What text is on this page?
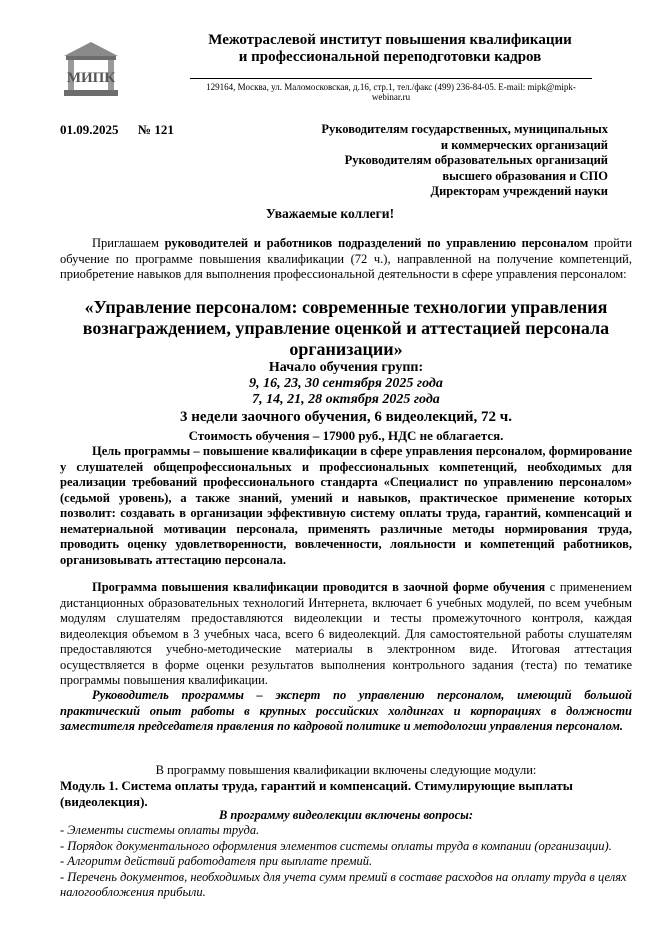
МИПК
Межотраслевой институт повышения квалификации
и профессиональной переподготовки кадров
129164, Москва, ул. Маломосковская, д.16, стр.1, тел./факс (499) 236-84-05. E-mail: mipk@mipk-webinar.ru
01.09.2025 № 121	Руководителям государственных, муниципальных
и коммерческих организаций
Руководителям образовательных организаций
высшего образования и СПО
Директорам учреждений науки
Уважаемые коллеги!
Приглашаем руководителей и работников подразделений по управлению персоналом пройти обучение по программе повышения квалификации (72 ч.), направленной на получение компетенций, приобретение навыков для выполнения профессиональной деятельности в сфере управления персоналом:
«Управление персоналом: современные технологии управления вознаграждением, управление оценкой и аттестацией персонала организации»
Начало обучения групп:
9, 16, 23, 30 сентября 2025 года
7, 14, 21, 28 октября 2025 года
3 недели заочного обучения, 6 видеолекций, 72 ч.
Стоимость обучения – 17900 руб., НДС не облагается.
Цель программы – повышение квалификации в сфере управления персоналом, формирование у слушателей общепрофессиональных и профессиональных компетенций, необходимых для реализации требований профессионального стандарта «Специалист по управлению персоналом» (седьмой уровень), а также знаний, умений и навыков, практическое применение которых позволит: создавать в организации эффективную систему оплаты труда, гарантий, компенсаций и нематериальной мотивации персонала, применять различные методы нормирования труда, проводить оценку удовлетворенности, вовлеченности, лояльности и компетенций работников, организовывать аттестацию персонала.
Программа повышения квалификации проводится в заочной форме обучения с применением дистанционных образовательных технологий Интернета, включает 6 учебных модулей, по всем учебным модулям слушателям предоставляются видеолекции и тесты промежуточного контроля, каждая видеолекция объемом в 3 учебных часа, всего 6 видеолекций. Для самостоятельной работы слушателям предоставляются учебно-методические материалы в электронном виде. Итоговая аттестация осуществляется в форме оценки результатов выполнения контрольного задания (теста) по тематике программы повышения квалификации.
Руководитель программы – эксперт по управлению персоналом, имеющий большой практический опыт работы в крупных российских холдингах и корпорациях в должности заместителя председателя правления по кадровой политике и методологии управления персоналом.
В программу повышения квалификации включены следующие модули:
Модуль 1. Система оплаты труда, гарантий и компенсаций. Стимулирующие выплаты (видеолекция).
В программу видеолекции включены вопросы:
- Элементы системы оплаты труда.
- Порядок документального оформления элементов системы оплаты труда в компании (организации).
- Алгоритм действий работодателя при выплате премий.
- Перечень документов, необходимых для учета сумм премий в составе расходов на оплату труда в целях налогообложения прибыли.
